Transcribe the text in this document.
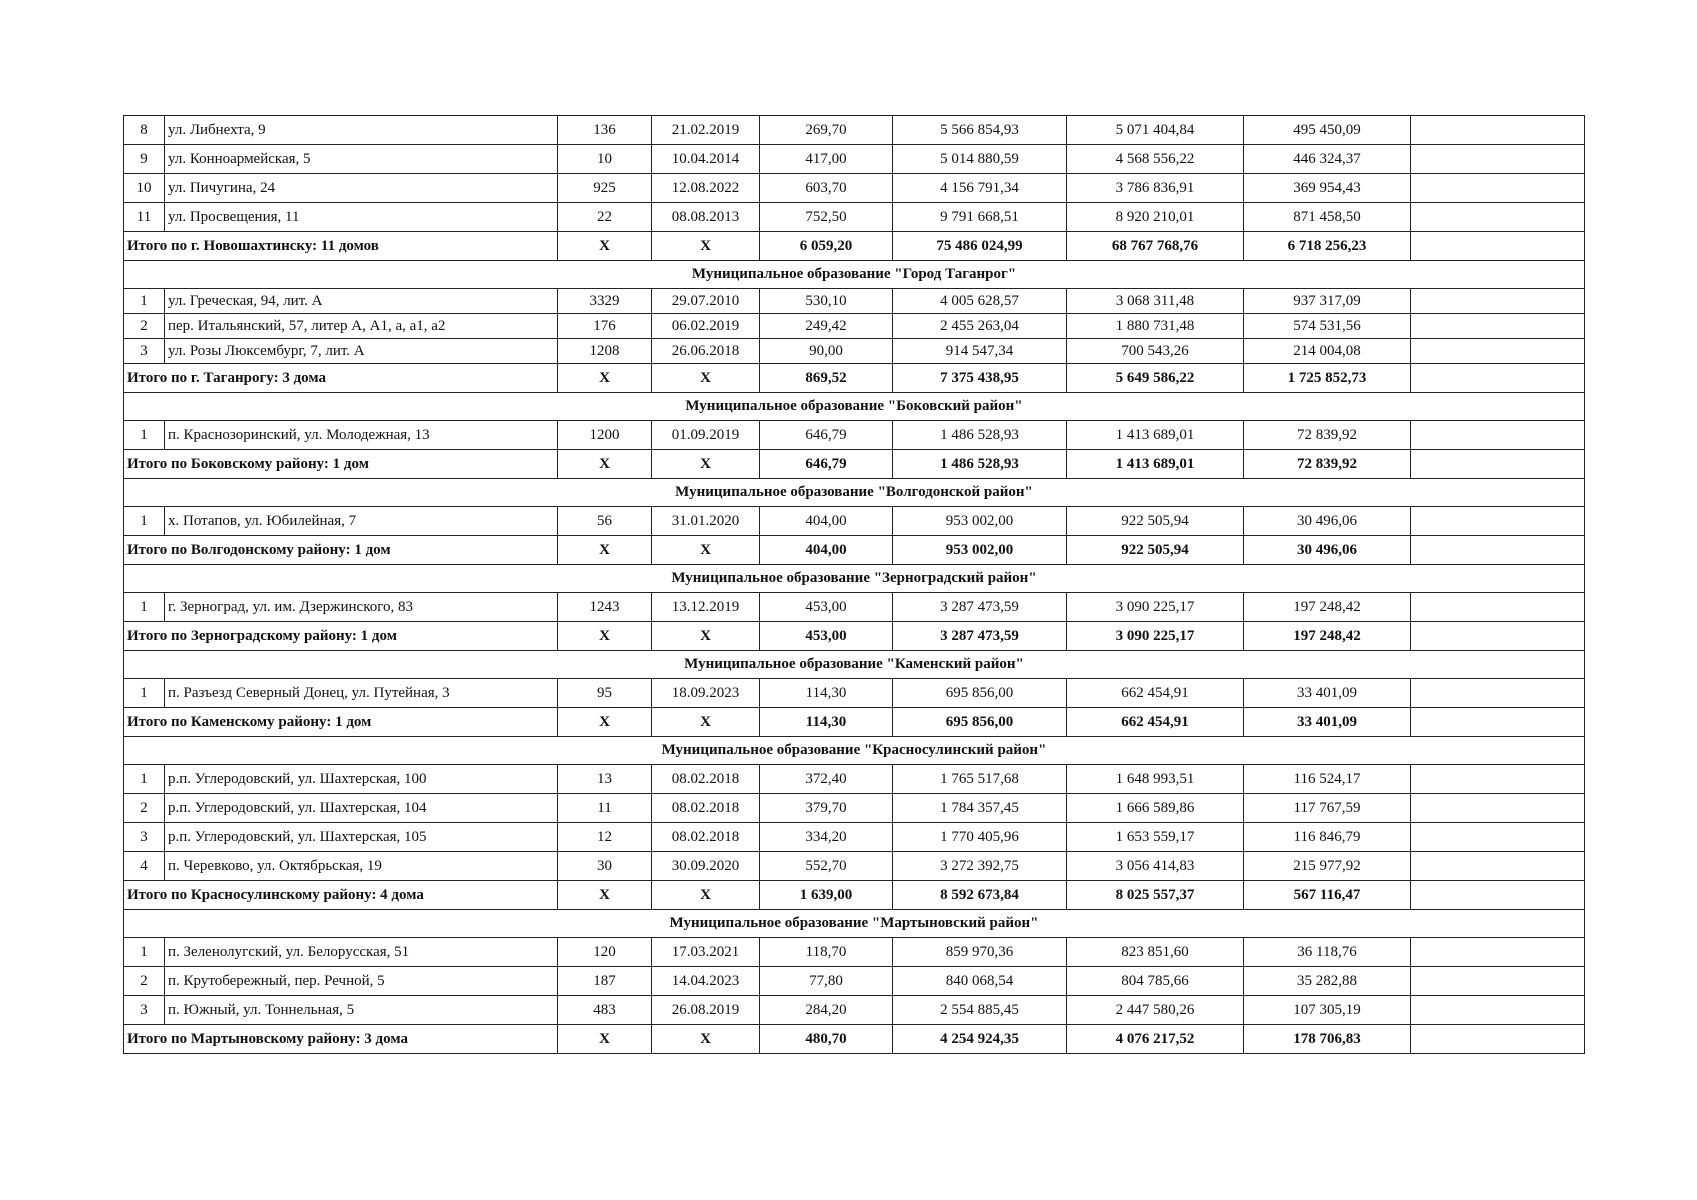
8	ул. Либнехта, 9	136	21.02.2019	269,70	5 566 854,93	5 071 404,84	495 450,09	
9	ул. Конноармейская, 5	10	10.04.2014	417,00	5 014 880,59	4 568 556,22	446 324,37	
10	ул. Пичугина, 24	925	12.08.2022	603,70	4 156 791,34	3 786 836,91	369 954,43	
11	ул. Просвещения, 11	22	08.08.2013	752,50	9 791 668,51	8 920 210,01	871 458,50	
Итого по г. Новошахтинску: 11 домов		X	X	6 059,20	75 486 024,99	68 767 768,76	6 718 256,23	
Муниципальное образование "Город Таганрог"								
1	ул. Греческая, 94, лит. А	3329	29.07.2010	530,10	4 005 628,57	3 068 311,48	937 317,09	
2	пер. Итальянский, 57, литер А, А1, а, а1, а2	176	06.02.2019	249,42	2 455 263,04	1 880 731,48	574 531,56	
3	ул. Розы Люксембург, 7, лит. А	1208	26.06.2018	90,00	914 547,34	700 543,26	214 004,08	
Итого по г. Таганрогу: 3 дома		X	X	869,52	7 375 438,95	5 649 586,22	1 725 852,73	
Муниципальное образование "Боковский район"								
1	п. Краснозоринский, ул. Молодежная, 13	1200	01.09.2019	646,79	1 486 528,93	1 413 689,01	72 839,92	
Итого по Боковскому району: 1 дом		X	X	646,79	1 486 528,93	1 413 689,01	72 839,92	
Муниципальное образование "Волгодонской район"								
1	х. Потапов, ул. Юбилейная, 7	56	31.01.2020	404,00	953 002,00	922 505,94	30 496,06	
Итого по Волгодонскому району: 1 дом		X	X	404,00	953 002,00	922 505,94	30 496,06	
Муниципальное образование "Зерноградский район"								
1	г. Зерноград, ул. им. Дзержинского, 83	1243	13.12.2019	453,00	3 287 473,59	3 090 225,17	197 248,42	
Итого по Зерноградскому району: 1 дом		X	X	453,00	3 287 473,59	3 090 225,17	197 248,42	
Муниципальное образование "Каменский район"								
1	п. Разъезд Северный Донец, ул. Путейная, 3	95	18.09.2023	114,30	695 856,00	662 454,91	33 401,09	
Итого по Каменскому району: 1 дом		X	X	114,30	695 856,00	662 454,91	33 401,09	
Муниципальное образование "Красносулинский район"								
1	р.п. Углеродовский, ул. Шахтерская, 100	13	08.02.2018	372,40	1 765 517,68	1 648 993,51	116 524,17	
2	р.п. Углеродовский, ул. Шахтерская, 104	11	08.02.2018	379,70	1 784 357,45	1 666 589,86	117 767,59	
3	р.п. Углеродовский, ул. Шахтерская, 105	12	08.02.2018	334,20	1 770 405,96	1 653 559,17	116 846,79	
4	п. Черевково, ул. Октябрьская, 19	30	30.09.2020	552,70	3 272 392,75	3 056 414,83	215 977,92	
Итого по Красносулинскому району: 4 дома		X	X	1 639,00	8 592 673,84	8 025 557,37	567 116,47	
Муниципальное образование "Мартыновский район"								
1	п. Зеленолугский, ул. Белорусская, 51	120	17.03.2021	118,70	859 970,36	823 851,60	36 118,76	
2	п. Крутобережный, пер. Речной, 5	187	14.04.2023	77,80	840 068,54	804 785,66	35 282,88	
3	п. Южный, ул. Тоннельная, 5	483	26.08.2019	284,20	2 554 885,45	2 447 580,26	107 305,19	
Итого по Мартыновскому району: 3 дома		X	X	480,70	4 254 924,35	4 076 217,52	178 706,83	
